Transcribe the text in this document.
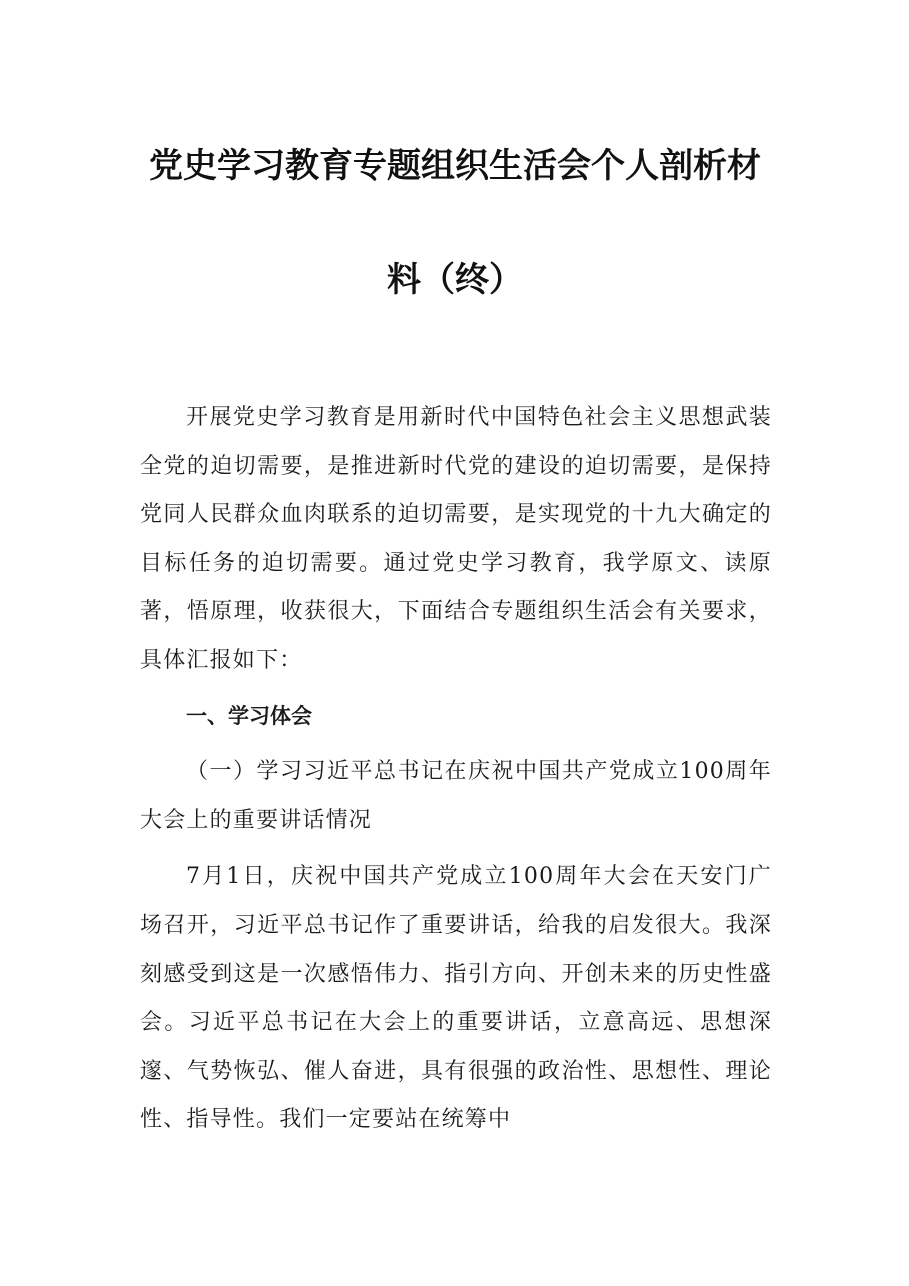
党史学习教育专题组织生活会个人剖析材
料（终）

开展党史学习教育是用新时代中国特色社会主义思想武装全党的迫切需要，是推进新时代党的建设的迫切需要，是保持党同人民群众血肉联系的迫切需要，是实现党的十九大确定的目标任务的迫切需要。通过党史学习教育，我学原文、读原著，悟原理，收获很大，下面结合专题组织生活会有关要求，具体汇报如下：

一、学习体会

（一）学习习近平总书记在庆祝中国共产党成立100周年大会上的重要讲话情况

7月1日，庆祝中国共产党成立100周年大会在天安门广场召开，习近平总书记作了重要讲话，给我的启发很大。我深刻感受到这是一次感悟伟力、指引方向、开创未来的历史性盛会。习近平总书记在大会上的重要讲话，立意高远、思想深邃、气势恢弘、催人奋进，具有很强的政治性、思想性、理论性、指导性。我们一定要站在统筹中
